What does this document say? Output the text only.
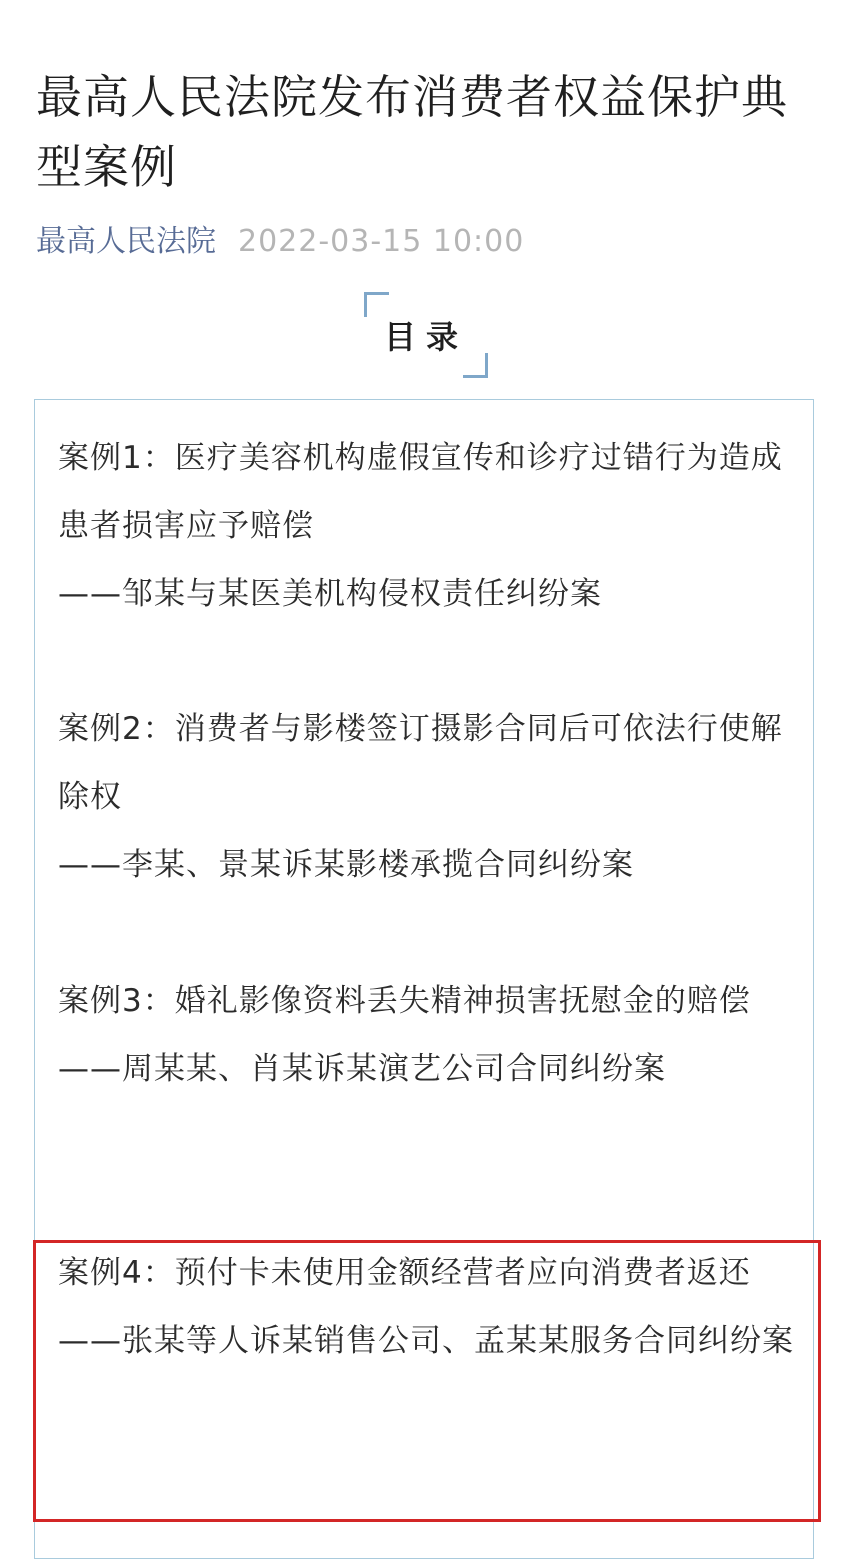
最高人民法院发布消费者权益保护典型案例
最高人民法院 2022-03-15 10:00
目录

案例1：医疗美容机构虚假宣传和诊疗过错行为造成患者损害应予赔偿

——邹某与某医美机构侵权责任纠纷案

案例2：消费者与影楼签订摄影合同后可依法行使解除权

——李某、景某诉某影楼承揽合同纠纷案

案例3：婚礼影像资料丢失精神损害抚慰金的赔偿

——周某某、肖某诉某演艺公司合同纠纷案

案例4：预付卡未使用金额经营者应向消费者返还

——张某等人诉某销售公司、孟某某服务合同纠纷案
